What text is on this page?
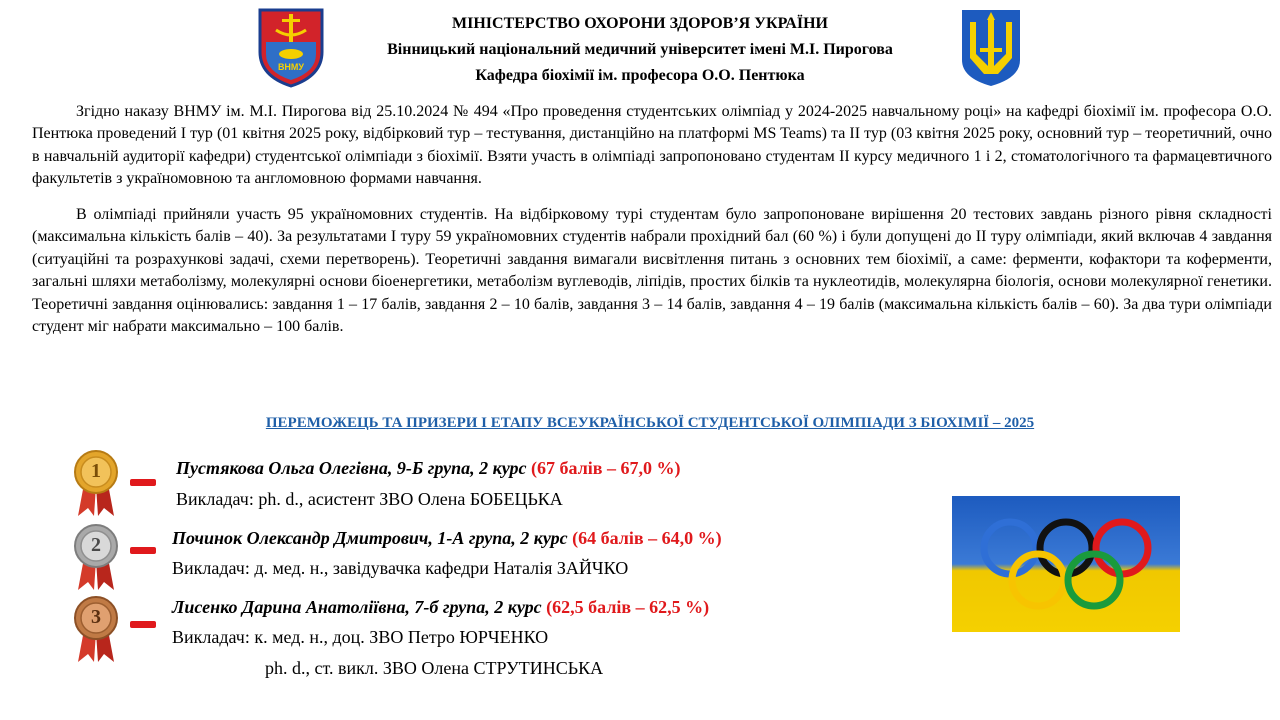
ВНМУ
МІНІСТЕРСТВО ОХОРОНИ ЗДОРОВ’Я УКРАЇНИ
Вінницький національний медичний університет імені М.І. Пирогова
Кафедра біохімії ім. професора О.О. Пентюка

Згідно наказу ВНМУ ім. М.І. Пирогова від 25.10.2024 № 494 «Про проведення студентських олімпіад у 2024-2025 навчальному році» на кафедрі біохімії ім. професора О.О. Пентюка проведений І тур (01 квітня 2025 року, відбірковий тур – тестування, дистанційно на платформі MS Teams) та ІІ тур (03 квітня 2025 року, основний тур – теоретичний, очно в навчальній аудиторії кафедри) студентської олімпіади з біохімії. Взяти участь в олімпіаді запропоновано студентам ІІ курсу медичного 1 і 2, стоматологічного та фармацевтичного факультетів з україномовною та англомовною формами навчання.

В олімпіаді прийняли участь 95 україномовних студентів. На відбірковому турі студентам було запропоноване вирішення 20 тестових завдань різного рівня складності (максимальна кількість балів – 40). За результатами І туру 59 україномовних студентів набрали прохідний бал (60 %) і були допущені до ІІ туру олімпіади, який включав 4 завдання (ситуаційні та розрахункові задачі, схеми перетворень). Теоретичні завдання вимагали висвітлення питань з основних тем біохімії, а саме: ферменти, кофактори та коферменти, загальні шляхи метаболізму, молекулярні основи біоенергетики, метаболізм вуглеводів, ліпідів, простих білків та нуклеотидів, молекулярна біологія, основи молекулярної генетики. Теоретичні завдання оцінювались: завдання 1 – 17 балів, завдання 2 – 10 балів, завдання 3 – 14 балів, завдання 4 – 19 балів (максимальна кількість балів – 60). За два тури олімпіади студент міг набрати максимально – 100 балів.

ПЕРЕМОЖЕЦЬ ТА ПРИЗЕРИ І ЕТАПУ ВСЕУКРАЇНСЬКОЇ СТУДЕНТСЬКОЇ ОЛІМПІАДИ З БІОХІМІЇ – 2025
1	Пустякова Ольга Олегівна, 9-Б група, 2 курс (67 балів – 67,0 %)
Викладач: ph. d., асистент ЗВО Олена БОБЕЦЬКА
2	Починок Олександр Дмитрович, 1-А група, 2 курс (64 балів – 64,0 %)
Викладач: д. мед. н., завідувачка кафедри Наталія ЗАЙЧКО
3	Лисенко Дарина Анатоліївна, 7-б група, 2 курс (62,5 балів – 62,5 %)
Викладач: к. мед. н., доц. ЗВО Петро ЮРЧЕНКО
ph. d., ст. викл. ЗВО Олена СТРУТИНСЬКА
